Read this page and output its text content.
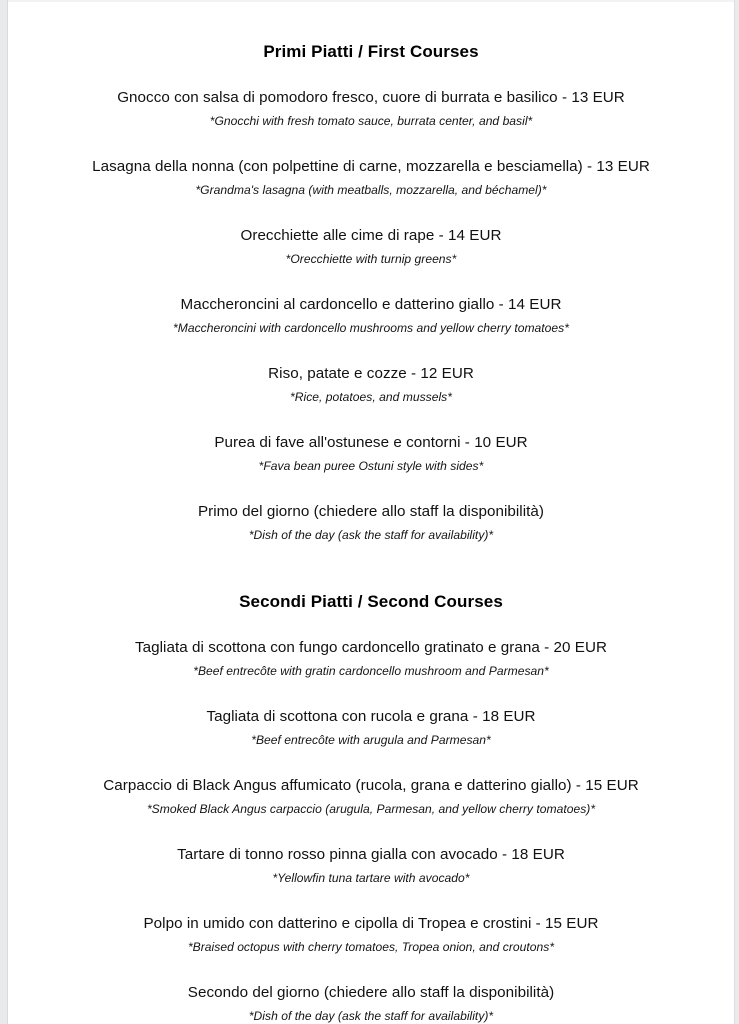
Primi Piatti / First Courses
Gnocco con salsa di pomodoro fresco, cuore di burrata e basilico - 13 EUR
*Gnocchi with fresh tomato sauce, burrata center, and basil*
Lasagna della nonna (con polpettine di carne, mozzarella e besciamella) - 13 EUR
*Grandma's lasagna (with meatballs, mozzarella, and béchamel)*
Orecchiette alle cime di rape - 14 EUR
*Orecchiette with turnip greens*
Maccheroncini al cardoncello e datterino giallo - 14 EUR
*Maccheroncini with cardoncello mushrooms and yellow cherry tomatoes*
Riso, patate e cozze - 12 EUR
*Rice, potatoes, and mussels*
Purea di fave all'ostunese e contorni - 10 EUR
*Fava bean puree Ostuni style with sides*
Primo del giorno (chiedere allo staff la disponibilità)
*Dish of the day (ask the staff for availability)*
Secondi Piatti / Second Courses
Tagliata di scottona con fungo cardoncello gratinato e grana - 20 EUR
*Beef entrecôte with gratin cardoncello mushroom and Parmesan*
Tagliata di scottona con rucola e grana - 18 EUR
*Beef entrecôte with arugula and Parmesan*
Carpaccio di Black Angus affumicato (rucola, grana e datterino giallo) - 15 EUR
*Smoked Black Angus carpaccio (arugula, Parmesan, and yellow cherry tomatoes)*
Tartare di tonno rosso pinna gialla con avocado - 18 EUR
*Yellowfin tuna tartare with avocado*
Polpo in umido con datterino e cipolla di Tropea e crostini - 15 EUR
*Braised octopus with cherry tomatoes, Tropea onion, and croutons*
Secondo del giorno (chiedere allo staff la disponibilità)
*Dish of the day (ask the staff for availability)*
